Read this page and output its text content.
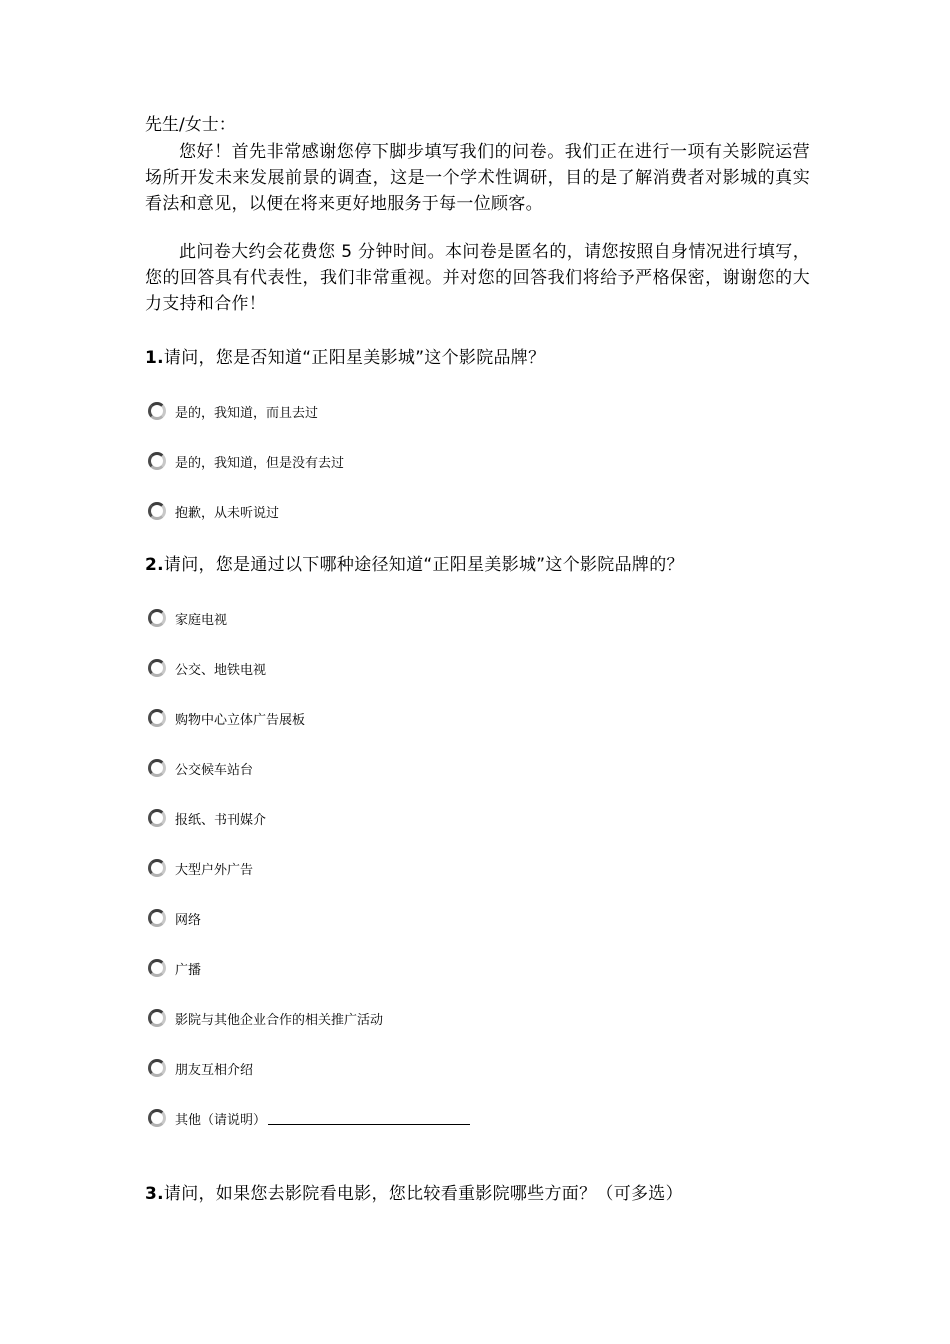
先生/女士：

您好！首先非常感谢您停下脚步填写我们的问卷。我们正在进行一项有关影院运营场所开发未来发展前景的调查，这是一个学术性调研，目的是了解消费者对影城的真实看法和意见，以便在将来更好地服务于每一位顾客。

此问卷大约会花费您 5 分钟时间。本问卷是匿名的，请您按照自身情况进行填写，您的回答具有代表性，我们非常重视。并对您的回答我们将给予严格保密，谢谢您的大力支持和合作！

1.请问，您是否知道“正阳星美影城”这个影院品牌？

是的，我知道，而且去过
是的，我知道，但是没有去过
抱歉，从未听说过

2.请问，您是通过以下哪种途径知道“正阳星美影城”这个影院品牌的？

家庭电视
公交、地铁电视
购物中心立体广告展板
公交候车站台
报纸、书刊媒介
大型户外广告
网络
广播
影院与其他企业合作的相关推广活动
朋友互相介绍
其他（请说明）

3.请问，如果您去影院看电影，您比较看重影院哪些方面？（可多选）
